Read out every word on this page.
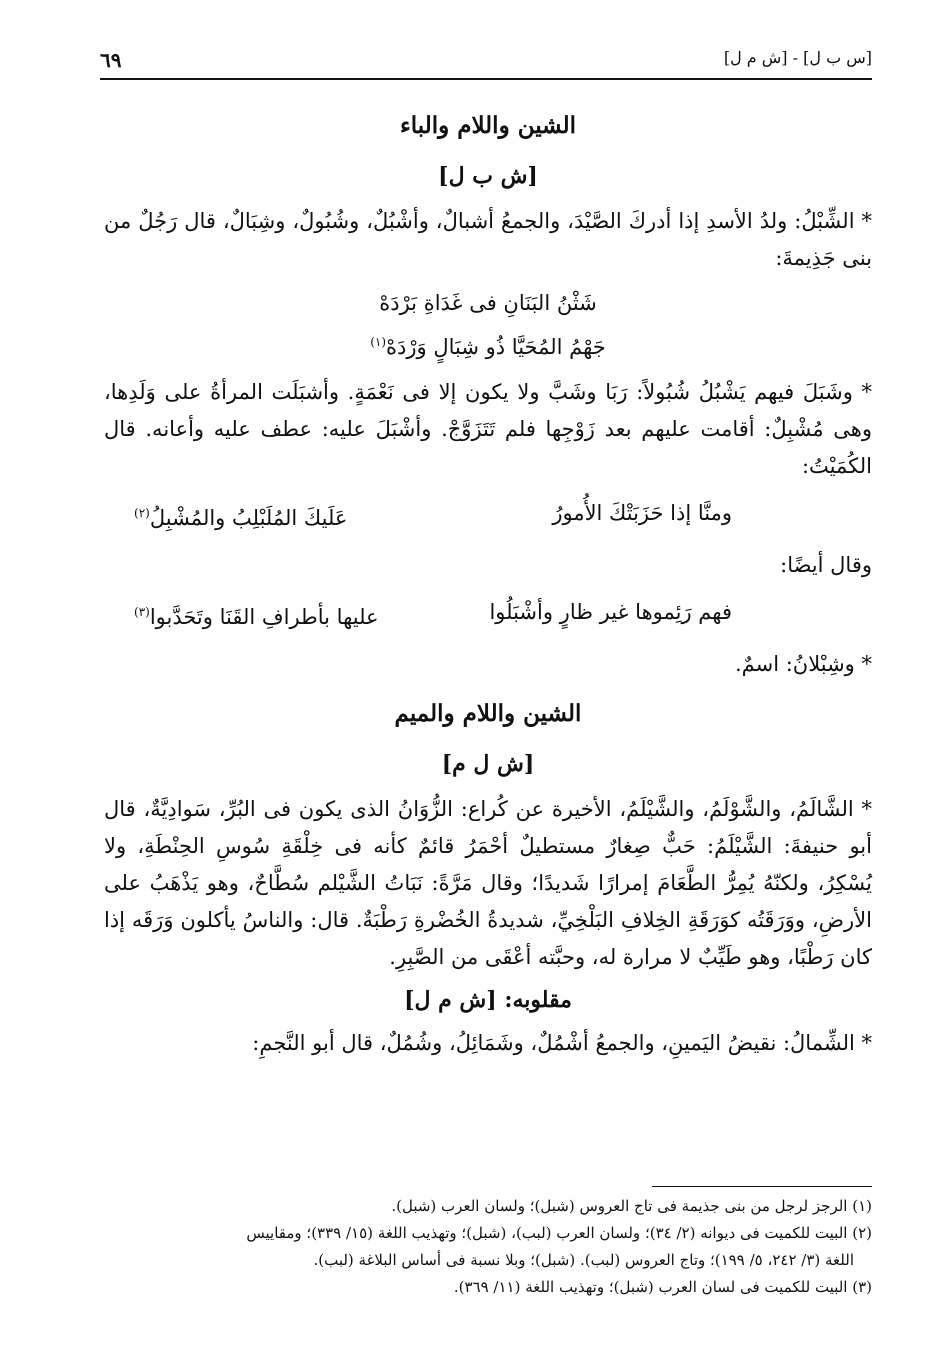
[س ب ل] - [ش م ل]
٦٩
الشين واللام والباء
[ش ب ل]

* الشِّبْلُ: ولدُ الأسدِ إذا أدركَ الصَّيْدَ، والجمعُ أشبالٌ، وأشْبُلٌ، وشُبُولٌ، وشِبَالٌ، قال رَجُلٌ من بنى جَذِيمةَ:

شَثْنُ البَنَانِ فى غَدَاةِ بَرْدَهْ
جَهْمُ المُحَيَّا ذُو شِبَالٍ وَرْدَهْ$^{(١)}$

* وشَبَلَ فيهم يَشْبُلُ شُبُولاً: رَبَا وشَبَّ ولا يكون إلا فى نَعْمَةٍ. وأشبَلَت المرأةُ على وَلَدِها، وهى مُشْبِلٌ: أقامت عليهم بعد زَوْجِها فلم تَتَزَوَّجْ. وأشْبَلَ عليه: عطف عليه وأعانه. قال الكُمَيْتُ:

ومنَّا إذا حَزَبَتْكَ الأُمورُ
عَلَيكَ المُلَبْلِبُ والمُشْبِلُ$^{(٢)}$

وقال أيضًا:

فهم رَئِموها غير ظارٍ وأشْبَلُوا
عليها بأطرافِ القَنَا وتَحَدَّبوا$^{(٣)}$

* وشِبْلانُ: اسمٌ.

الشين واللام والميم
[ش ل م]

* الشَّالَمُ، والشَّوْلَمُ، والشَّيْلَمُ، الأخيرة عن كُراع: الزُّوَانُ الذى يكون فى البُرِّ، سَوادِيَّةٌ، قال أبو حنيفةَ: الشَّيْلَمُ: حَبٌّ صِغارٌ مستطيلٌ أحْمَرُ قائمٌ كأنه فى خِلْقَةِ سُوسِ الحِنْطَةِ، ولا يُسْكِرُ، ولكنّهُ يُمِرُّ الطَّعَامَ إمرارًا شَديدًا؛ وقال مَرَّةً: نَبَاتُ الشَّيْلم سُطَّاحٌ، وهو يَذْهَبُ على الأرضِ، ووَرَقَتُه كوَرَقَةِ الخِلافِ البَلْخِيِّ، شديدةُ الخُضْرةِ رَطْبَةٌ. قال: والناسُ يأكلون وَرَقَه إذا كان رَطْبًا، وهو طَيِّبٌ لا مرارة له، وحبَّته أعْقَى من الصَّبِرِ.

مقلوبه: [ش م ل]

* الشِّمالُ: نقيضُ اليَمينِ، والجمعُ أشْمُلٌ، وشَمَائِلُ، وشُمُلٌ، قال أبو النَّجمِ:

(١) الرجز لرجل من بنى جذيمة فى تاج العروس (شبل)؛ ولسان العرب (شبل).

(٢) البيت للكميت فى ديوانه (٢/ ٣٤)؛ ولسان العرب (لبب)، (شبل)؛ وتهذيب اللغة (١٥/ ٣٣٩)؛ ومقاييس

اللغة (٣/ ٢٤٢، ٥/ ١٩٩)؛ وتاج العروس (لبب). (شبل)؛ وبلا نسبة فى أساس البلاغة (لبب).

(٣) البيت للكميت فى لسان العرب (شبل)؛ وتهذيب اللغة (١١/ ٣٦٩).
